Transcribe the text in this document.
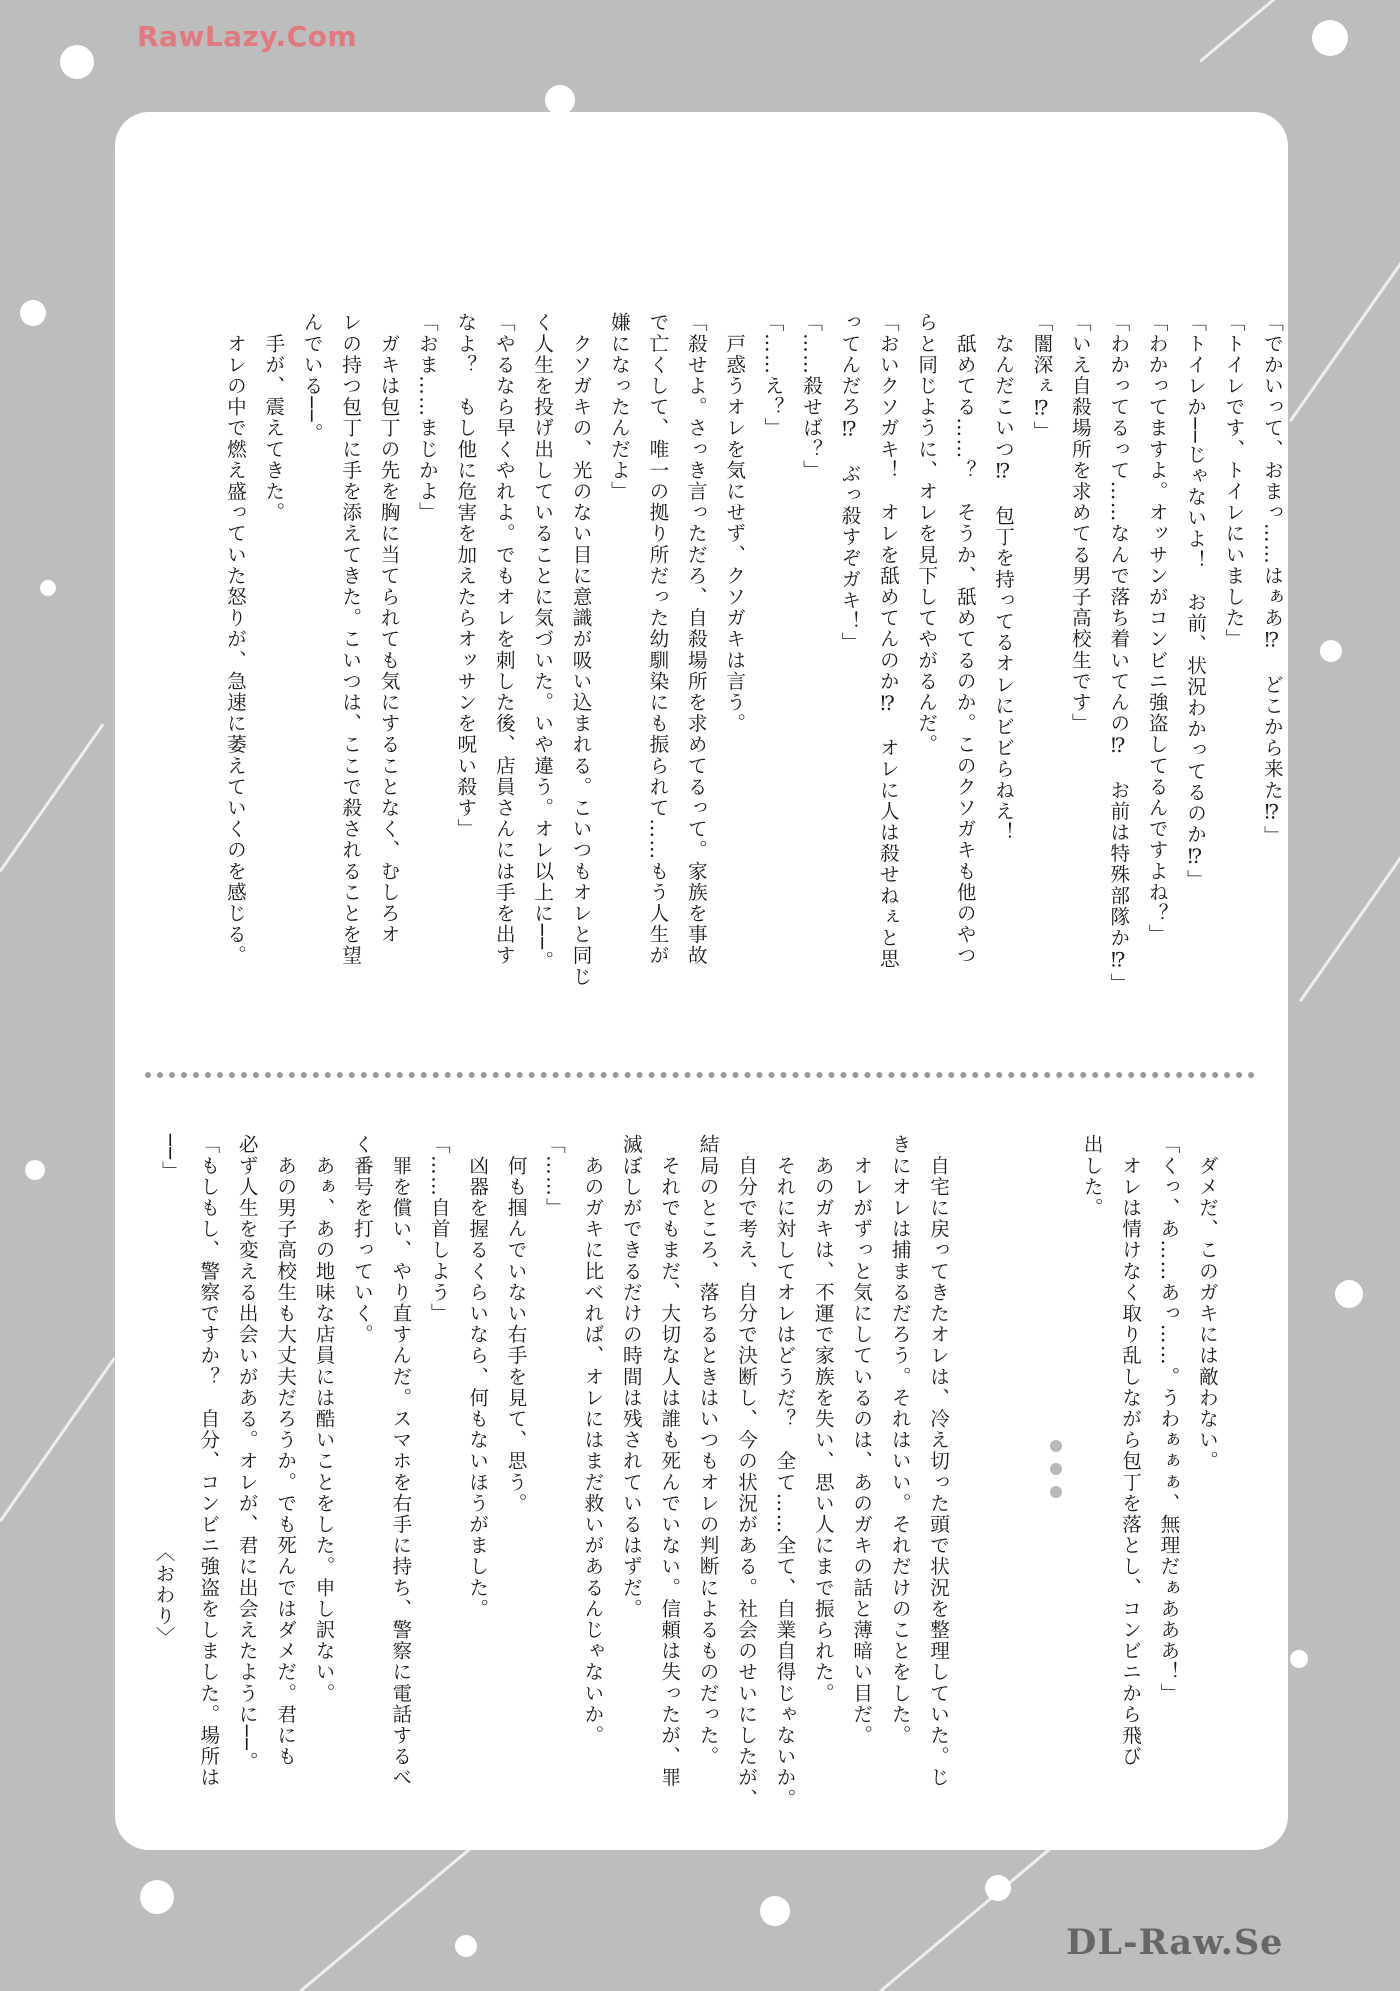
RawLazy.Com
「でかいって、おまっ……はぁあ⁉　どこから来た⁉」
「トイレです、トイレにいました」
「トイレか──じゃないよ！　お前、状況わかってるのか⁉」
「わかってますよ。オッサンがコンビニ強盗してるんですよね？」
「わかってるって……なんで落ち着いてんの⁉　お前は特殊部隊か⁉」
「いえ自殺場所を求めてる男子高校生です」
「闇深ぇ⁉」
　なんだこいつ⁉　包丁を持ってるオレにビビらねえ！
　舐めてる……？　そうか、舐めてるのか。このクソガキも他のやつ
らと同じように、オレを見下してやがるんだ。
「おいクソガキ！　オレを舐めてんのか⁉　オレに人は殺せねぇと思
ってんだろ⁉　ぶっ殺すぞガキ！」
「……殺せば？」
「……え？」
　戸惑うオレを気にせず、クソガキは言う。
「殺せよ。さっき言っただろ、自殺場所を求めてるって。家族を事故
で亡くして、唯一の拠り所だった幼馴染にも振られて……もう人生が
嫌になったんだよ」
　クソガキの、光のない目に意識が吸い込まれる。こいつもオレと同じ
く人生を投げ出していることに気づいた。いや違う。オレ以上に──。
「やるなら早くやれよ。でもオレを刺した後、店員さんには手を出す
なよ？　もし他に危害を加えたらオッサンを呪い殺す」
「おま……まじかよ」
　ガキは包丁の先を胸に当てられても気にすることなく、むしろオ
レの持つ包丁に手を添えてきた。こいつは、ここで殺されることを望
んでいる──。
　手が、震えてきた。
　オレの中で燃え盛っていた怒りが、急速に萎えていくのを感じる。
　ダメだ、このガキには敵わない。
「くっ、あ……あっ……。うわぁぁぁ、無理だぁあああ！」
　オレは情けなく取り乱しながら包丁を落とし、コンビニから飛び
出した。

　自宅に戻ってきたオレは、冷え切った頭で状況を整理していた。じ
きにオレは捕まるだろう。それはいい。それだけのことをした。
　オレがずっと気にしているのは、あのガキの話と薄暗い目だ。
　あのガキは、不運で家族を失い、思い人にまで振られた。
　それに対してオレはどうだ？　全て……全て、自業自得じゃないか。
　自分で考え、自分で決断し、今の状況がある。社会のせいにしたが、
結局のところ、落ちるときはいつもオレの判断によるものだった。
　それでもまだ、大切な人は誰も死んでいない。信頼は失ったが、罪
滅ぼしができるだけの時間は残されているはずだ。
　あのガキに比べれば、オレにはまだ救いがあるんじゃないか。
「……」
　何も掴んでいない右手を見て、思う。
　凶器を握るくらいなら、何もないほうがました。
「……自首しよう」
　罪を償い、やり直すんだ。スマホを右手に持ち、警察に電話するべ
く番号を打っていく。
　あぁ、あの地味な店員には酷いことをした。申し訳ない。
　あの男子高校生も大丈夫だろうか。でも死んではダメだ。君にも
必ず人生を変える出会いがある。オレが、君に出会えたように──。
「もしもし、警察ですか？　自分、コンビニ強盗をしました。場所は
──」
〈おわり〉
DL-Raw.Se
